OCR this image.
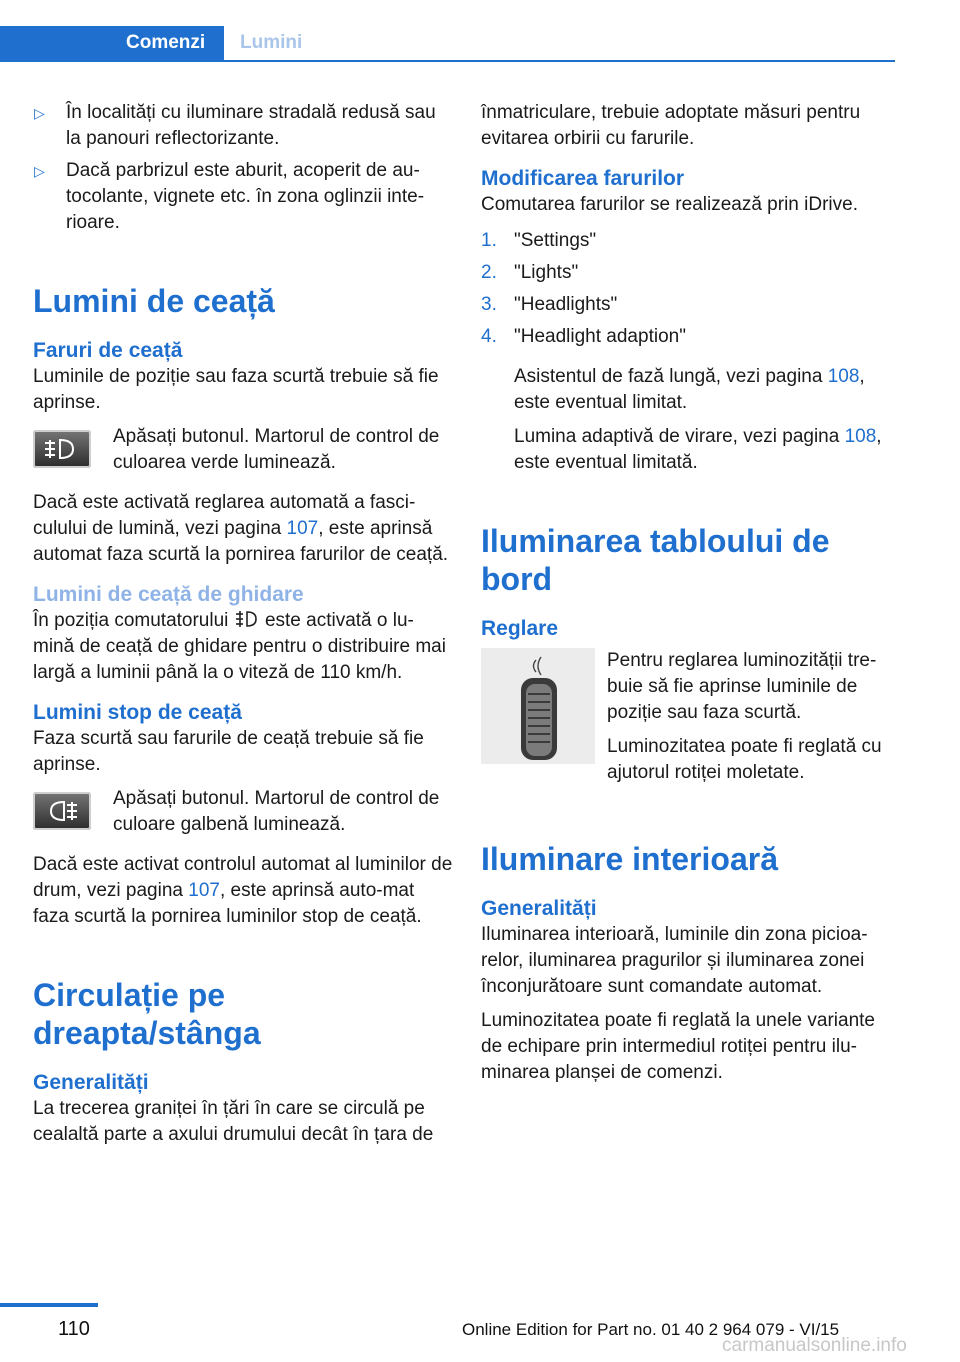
Comenzi	Lumini
▷ În localități cu iluminare stradală redusă sau la panouri reflectorizante.
▷ Dacă parbrizul este aburit, acoperit de au-tocolante, vignete etc. în zona oglinzii inte-rioare.
Lumini de ceață
Faruri de ceață

Luminile de poziție sau faza scurtă trebuie să fie aprinse.

Apăsați butonul. Martorul de control de culoarea verde luminează.

Dacă este activată reglarea automată a fasci-culului de lumină, vezi pagina 107, este aprinsă automat faza scurtă la pornirea farurilor de ceață.

Lumini de ceață de ghidare

În poziția comutatorului  este activată o lu-mină de ceață de ghidare pentru o distribuire mai largă a luminii până la o viteză de 110 km/h.

Lumini stop de ceață

Faza scurtă sau farurile de ceață trebuie să fie aprinse.

Apăsați butonul. Martorul de control de culoare galbenă luminează.

Dacă este activat controlul automat al luminilor de drum, vezi pagina 107, este aprinsă auto-mat faza scurtă la pornirea luminilor stop de ceață.

Circulație pe dreapta/stânga
Generalități

La trecerea graniței în țări în care se circulă pe cealaltă parte a axului drumului decât în țara de

înmatriculare, trebuie adoptate măsuri pentru evitarea orbirii cu farurile.

Modificarea farurilor

Comutarea farurilor se realizează prin iDrive.

1. "Settings"
2. "Lights"
3. "Headlights"
4. "Headlight adaption"

Asistentul de fază lungă, vezi pagina 108, este eventual limitat.

Lumina adaptivă de virare, vezi pagina 108, este eventual limitată.

Iluminarea tabloului de bord
Reglare

Pentru reglarea luminozității tre-buie să fie aprinse luminile de poziție sau faza scurtă.

Luminozitatea poate fi reglată cu ajutorul rotiței moletate.

Iluminare interioară
Generalități

Iluminarea interioară, luminile din zona picioa-relor, iluminarea pragurilor și iluminarea zonei înconjurătoare sunt comandate automat.

Luminozitatea poate fi reglată la unele variante de echipare prin intermediul rotiței pentru ilu-minarea planșei de comenzi.

110	Online Edition for Part no. 01 40 2 964 079 - VI/15
carmanualsonline.info
